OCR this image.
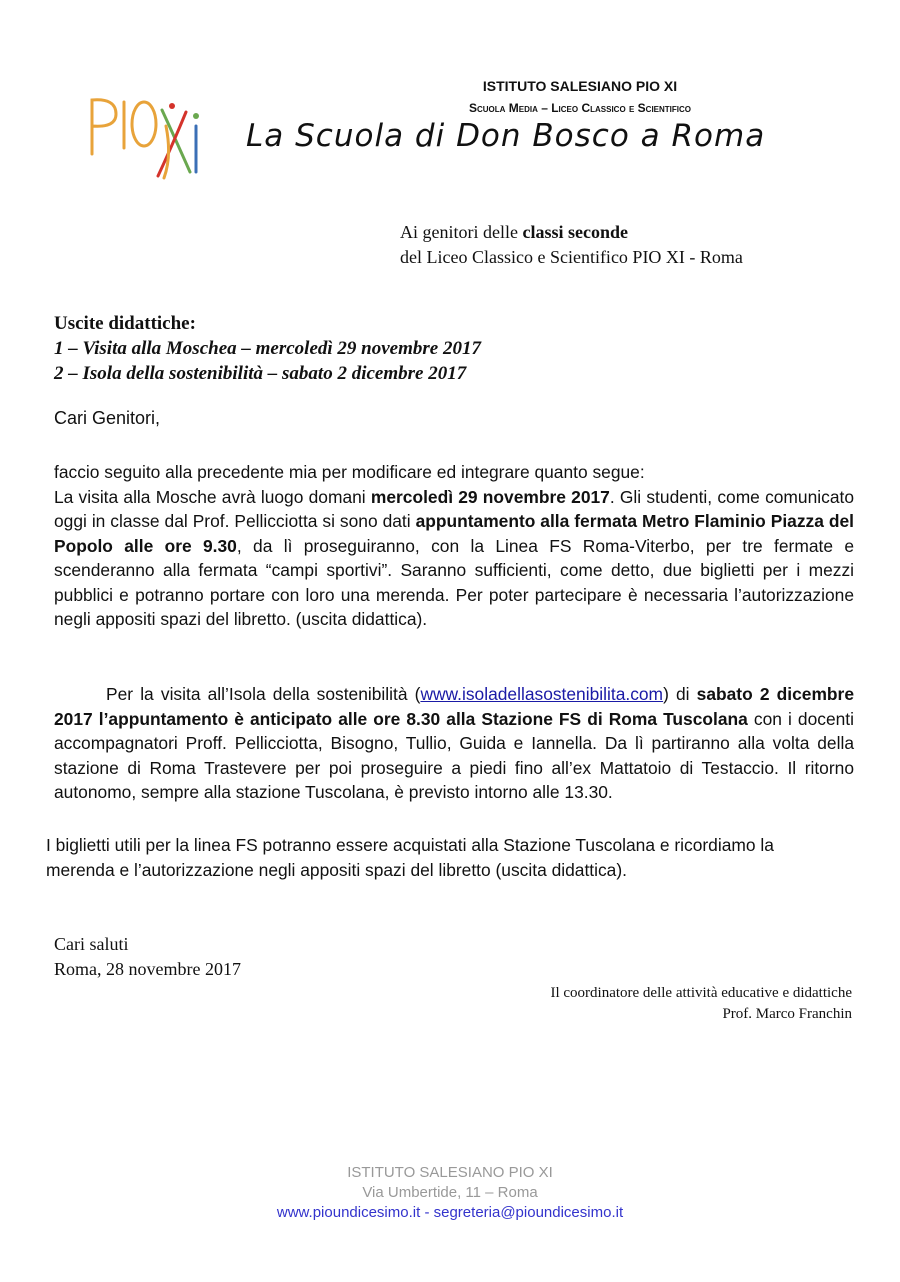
ISTITUTO SALESIANO PIO XI
Scuola Media – Liceo Classico e Scientifico
La Scuola di Don Bosco a Roma
Ai genitori delle classi seconde
del Liceo Classico e Scientifico PIO XI - Roma
Uscite didattiche:
1 – Visita alla Moschea – mercoledì 29 novembre 2017
2 – Isola della sostenibilità – sabato 2 dicembre 2017
Cari Genitori,
faccio seguito alla precedente mia per modificare ed integrare quanto segue:
La visita alla Mosche avrà luogo domani mercoledì 29 novembre 2017. Gli studenti, come comunicato oggi in classe dal Prof. Pellicciotta si sono dati appuntamento alla fermata Metro Flaminio Piazza del Popolo alle ore 9.30, da lì proseguiranno, con la Linea FS Roma-Viterbo, per tre fermate e scenderanno alla fermata “campi sportivi”. Saranno sufficienti, come detto, due biglietti per i mezzi pubblici e potranno portare con loro una merenda. Per poter partecipare è necessaria l’autorizzazione negli appositi spazi del libretto. (uscita didattica).
Per la visita all’Isola della sostenibilità (www.isoladellasostenibilita.com) di sabato 2 dicembre 2017 l’appuntamento è anticipato alle ore 8.30 alla Stazione FS di Roma Tuscolana con i docenti accompagnatori Proff. Pellicciotta, Bisogno, Tullio, Guida e Iannella. Da lì partiranno alla volta della stazione di Roma Trastevere per poi proseguire a piedi fino all’ex Mattatoio di Testaccio. Il ritorno autonomo, sempre alla stazione Tuscolana, è previsto intorno alle 13.30.
I biglietti utili per la linea FS potranno essere acquistati alla Stazione Tuscolana e ricordiamo la merenda e l’autorizzazione negli appositi spazi del libretto (uscita didattica).
Cari saluti
Roma, 28 novembre 2017
Il coordinatore delle attività educative e didattiche
Prof. Marco Franchin
ISTITUTO SALESIANO PIO XI
Via Umbertide, 11 – Roma
www.pioundicesimo.it - segreteria@pioundicesimo.it
